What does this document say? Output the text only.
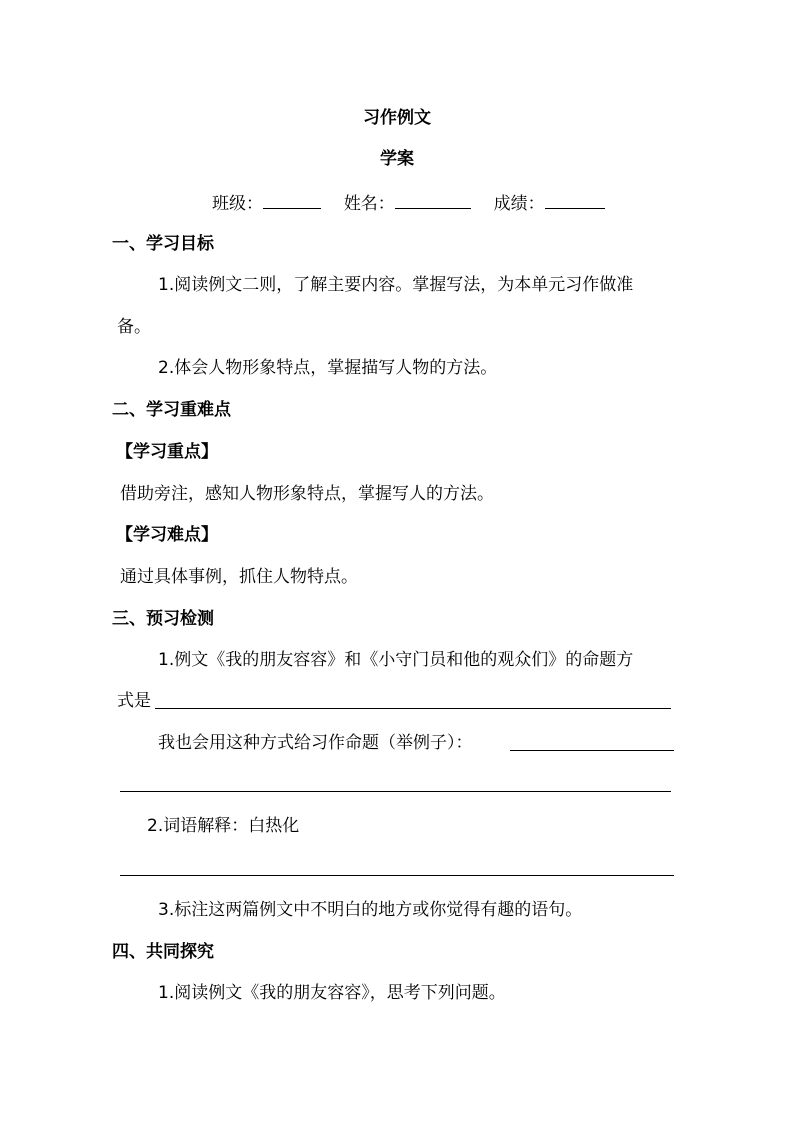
习作例文
学案
班级：	姓名：	成绩：
一、学习目标
1.阅读例文二则，了解主要内容。掌握写法，为本单元习作做准
备。
2.体会人物形象特点，掌握描写人物的方法。
二、学习重难点
【学习重点】
借助旁注，感知人物形象特点，掌握写人的方法。
【学习难点】
通过具体事例，抓住人物特点。
三、预习检测
1.例文《我的朋友容容》和《小守门员和他的观众们》的命题方
式是
我也会用这种方式给习作命题（举例子）：
2.词语解释：白热化
3.标注这两篇例文中不明白的地方或你觉得有趣的语句。
四、共同探究
1.阅读例文《我的朋友容容》，思考下列问题。
